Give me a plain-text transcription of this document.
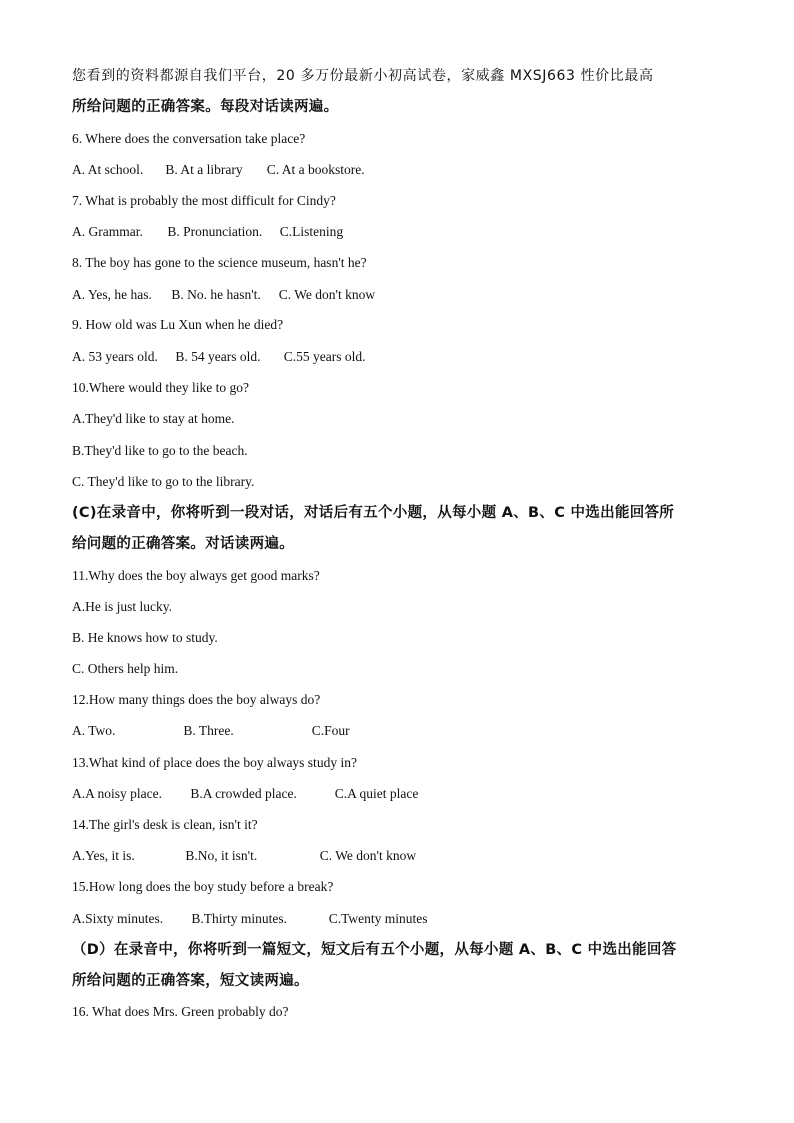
您看到的资料都源自我们平台，20 多万份最新小初高试卷，家威鑫 MXSJ663 性价比最高
所给问题的正确答案。每段对话读两遍。
6. Where does the conversation take place?
A. At school. B. At a library C. At a bookstore.
7. What is probably the most difficult for Cindy?
A. Grammar. B. Pronunciation. C.Listening
8. The boy has gone to the science museum, hasn't he?
A. Yes, he has. B. No. he hasn't. C. We don't know
9. How old was Lu Xun when he died?
A. 53 years old. B. 54 years old. C.55 years old.
10.Where would they like to go?
A.They'd like to stay at home.
B.They'd like to go to the beach.
C. They'd like to go to the library.
(C)在录音中，你将听到一段对话，对话后有五个小题，从每小题 A、B、C 中选出能回答所
给问题的正确答案。对话读两遍。
11.Why does the boy always get good marks?
A.He is just lucky.
B. He knows how to study.
C. Others help him.
12.How many things does the boy always do?
A. Two.	B. Three.	C.Four
13.What kind of place does the boy always study in?
A.A noisy place. B.A crowded place.	C.A quiet place
14.The girl's desk is clean, isn't it?
A.Yes, it is.	B.No, it isn't.	C. We don't know
15.How long does the boy study before a break?
A.Sixty minutes. B.Thirty minutes.	C.Twenty minutes
（D）在录音中，你将听到一篇短文，短文后有五个小题，从每小题 A、B、C 中选出能回答
所给问题的正确答案，短文读两遍。
16. What does Mrs. Green probably do?
